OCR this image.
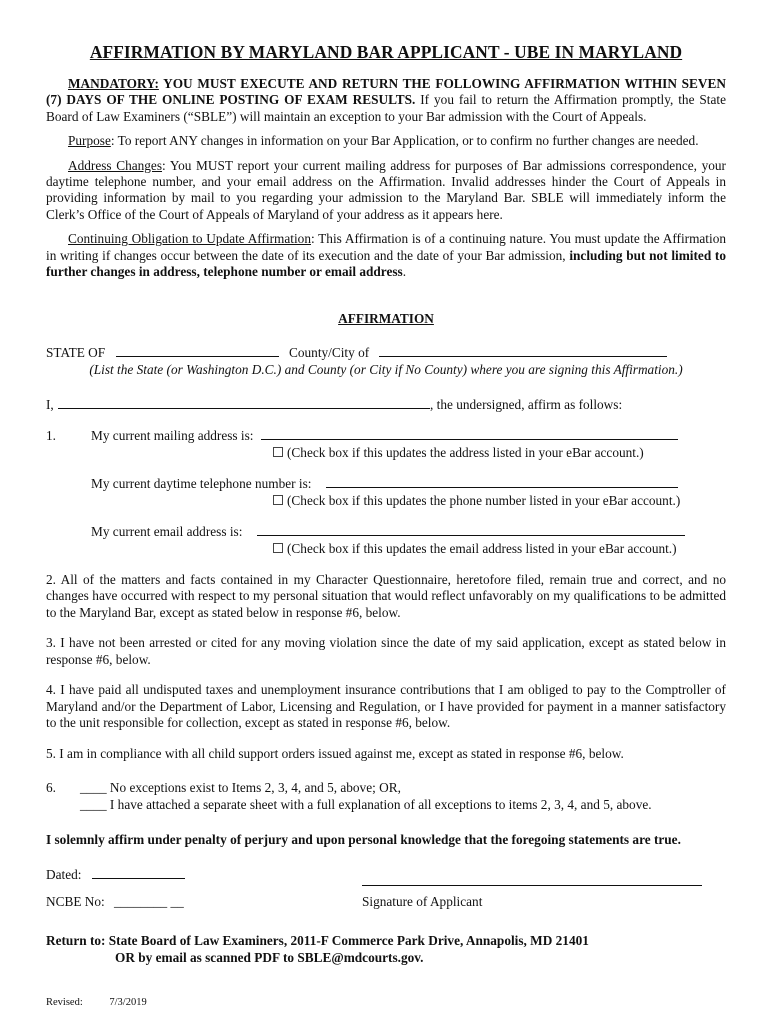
AFFIRMATION BY MARYLAND BAR APPLICANT - UBE IN MARYLAND

MANDATORY: YOU MUST EXECUTE AND RETURN THE FOLLOWING AFFIRMATION WITHIN SEVEN (7) DAYS OF THE ONLINE POSTING OF EXAM RESULTS. If you fail to return the Affirmation promptly, the State Board of Law Examiners (“SBLE”) will maintain an exception to your Bar admission with the Court of Appeals.

Purpose: To report ANY changes in information on your Bar Application, or to confirm no further changes are needed.

Address Changes: You MUST report your current mailing address for purposes of Bar admissions correspondence, your daytime telephone number, and your email address on the Affirmation. Invalid addresses hinder the Court of Appeals in providing information by mail to you regarding your admission to the Maryland Bar. SBLE will immediately inform the Clerk’s Office of the Court of Appeals of Maryland of your address as it appears here.

Continuing Obligation to Update Affirmation: This Affirmation is of a continuing nature. You must update the Affirmation in writing if changes occur between the date of its execution and the date of your Bar admission, including but not limited to further changes in address, telephone number or email address.

AFFIRMATION

STATE OF	County/City of
(List the State (or Washington D.C.) and County (or City if No County) where you are signing this Affirmation.)
I,	, the undersigned, affirm as follows:
1.	My current mailing address is:
(Check box if this updates the address listed in your eBar account.)
My current daytime telephone number is:
(Check box if this updates the phone number listed in your eBar account.)
My current email address is:
(Check box if this updates the email address listed in your eBar account.)

2. All of the matters and facts contained in my Character Questionnaire, heretofore filed, remain true and correct, and no changes have occurred with respect to my personal situation that would reflect unfavorably on my qualifications to be admitted to the Maryland Bar, except as stated below in response #6, below.

3. I have not been arrested or cited for any moving violation since the date of my said application, except as stated below in response #6, below.

4. I have paid all undisputed taxes and unemployment insurance contributions that I am obliged to pay to the Comptroller of Maryland and/or the Department of Labor, Licensing and Regulation, or I have provided for payment in a manner satisfactory to the unit responsible for collection, except as stated in response #6, below.

5. I am in compliance with all child support orders issued against me, except as stated in response #6, below.

6. ____ No exceptions exist to Items 2, 3, 4, and 5, above; OR,
____ I have attached a separate sheet with a full explanation of all exceptions to items 2, 3, 4, and 5, above.

I solemnly affirm under penalty of perjury and upon personal knowledge that the foregoing statements are true.

Dated:
NCBE No: ________ __	Signature of Applicant
Return to: State Board of Law Examiners, 2011-F Commerce Park Drive, Annapolis, MD 21401
OR by email as scanned PDF to SBLE@mdcourts.gov.
Revised:	7/3/2019
